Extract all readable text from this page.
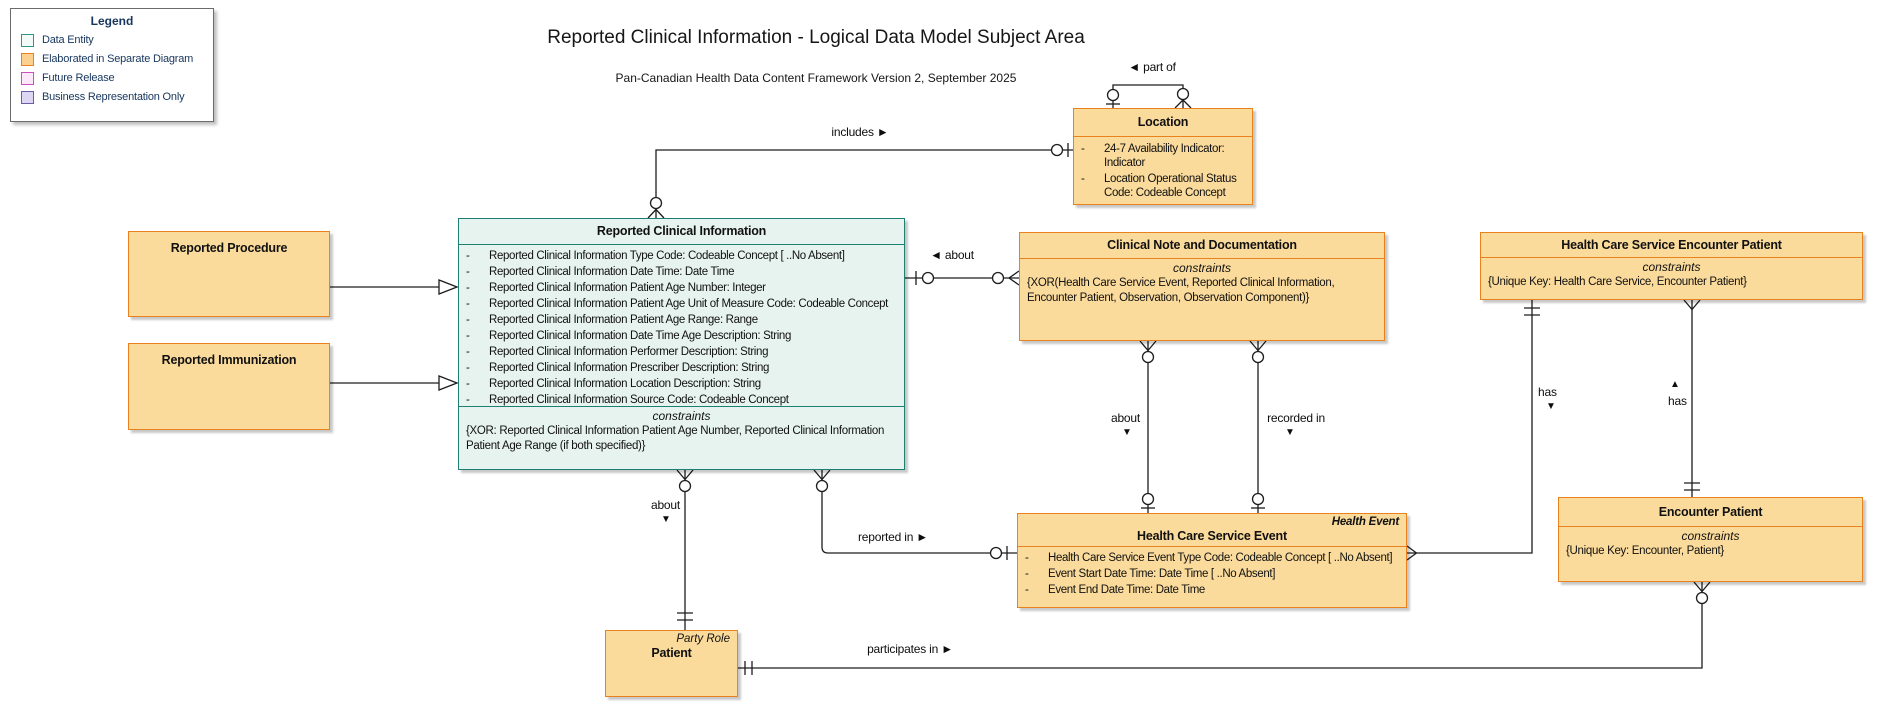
Reported Clinical Information - Logical Data Model Subject Area
Pan-Canadian Health Data Content Framework Version 2, September 2025
Legend
Data Entity
Elaborated in Separate Diagram
Future Release
Business Representation Only
Reported Procedure
Reported Immunization
Reported Clinical Information
- Reported Clinical Information Type Code: Codeable Concept [ ..No Absent]
- Reported Clinical Information Date Time: Date Time
- Reported Clinical Information Patient Age Number: Integer
- Reported Clinical Information Patient Age Unit of Measure Code: Codeable Concept
- Reported Clinical Information Patient Age Range: Range
- Reported Clinical Information Date Time Age Description: String
- Reported Clinical Information Performer Description: String
- Reported Clinical Information Prescriber Description: String
- Reported Clinical Information Location Description: String
- Reported Clinical Information Source Code: Codeable Concept
constraints
{XOR: Reported Clinical Information Patient Age Number, Reported Clinical Information Patient Age Range (if both specified)}
Location
- 24-7 Availability Indicator: Indicator
- Location Operational Status Code: Codeable Concept
Clinical Note and Documentation
constraints
{XOR(Health Care Service Event, Reported Clinical Information, Encounter Patient, Observation, Observation Component)}
Health Care Service Encounter Patient
constraints
{Unique Key: Health Care Service, Encounter Patient}
Health Event
Health Care Service Event
- Health Care Service Event Type Code: Codeable Concept [ ..No Absent]
- Event Start Date Time: Date Time [ ..No Absent]
- Event End Date Time: Date Time
Encounter Patient
constraints
{Unique Key: Encounter, Patient}
Party Role
Patient
includes ►
◄ part of
◄ about
about
▼
recorded in
▼
about
▼
reported in ►
has
▼
▲
has
participates in ►
